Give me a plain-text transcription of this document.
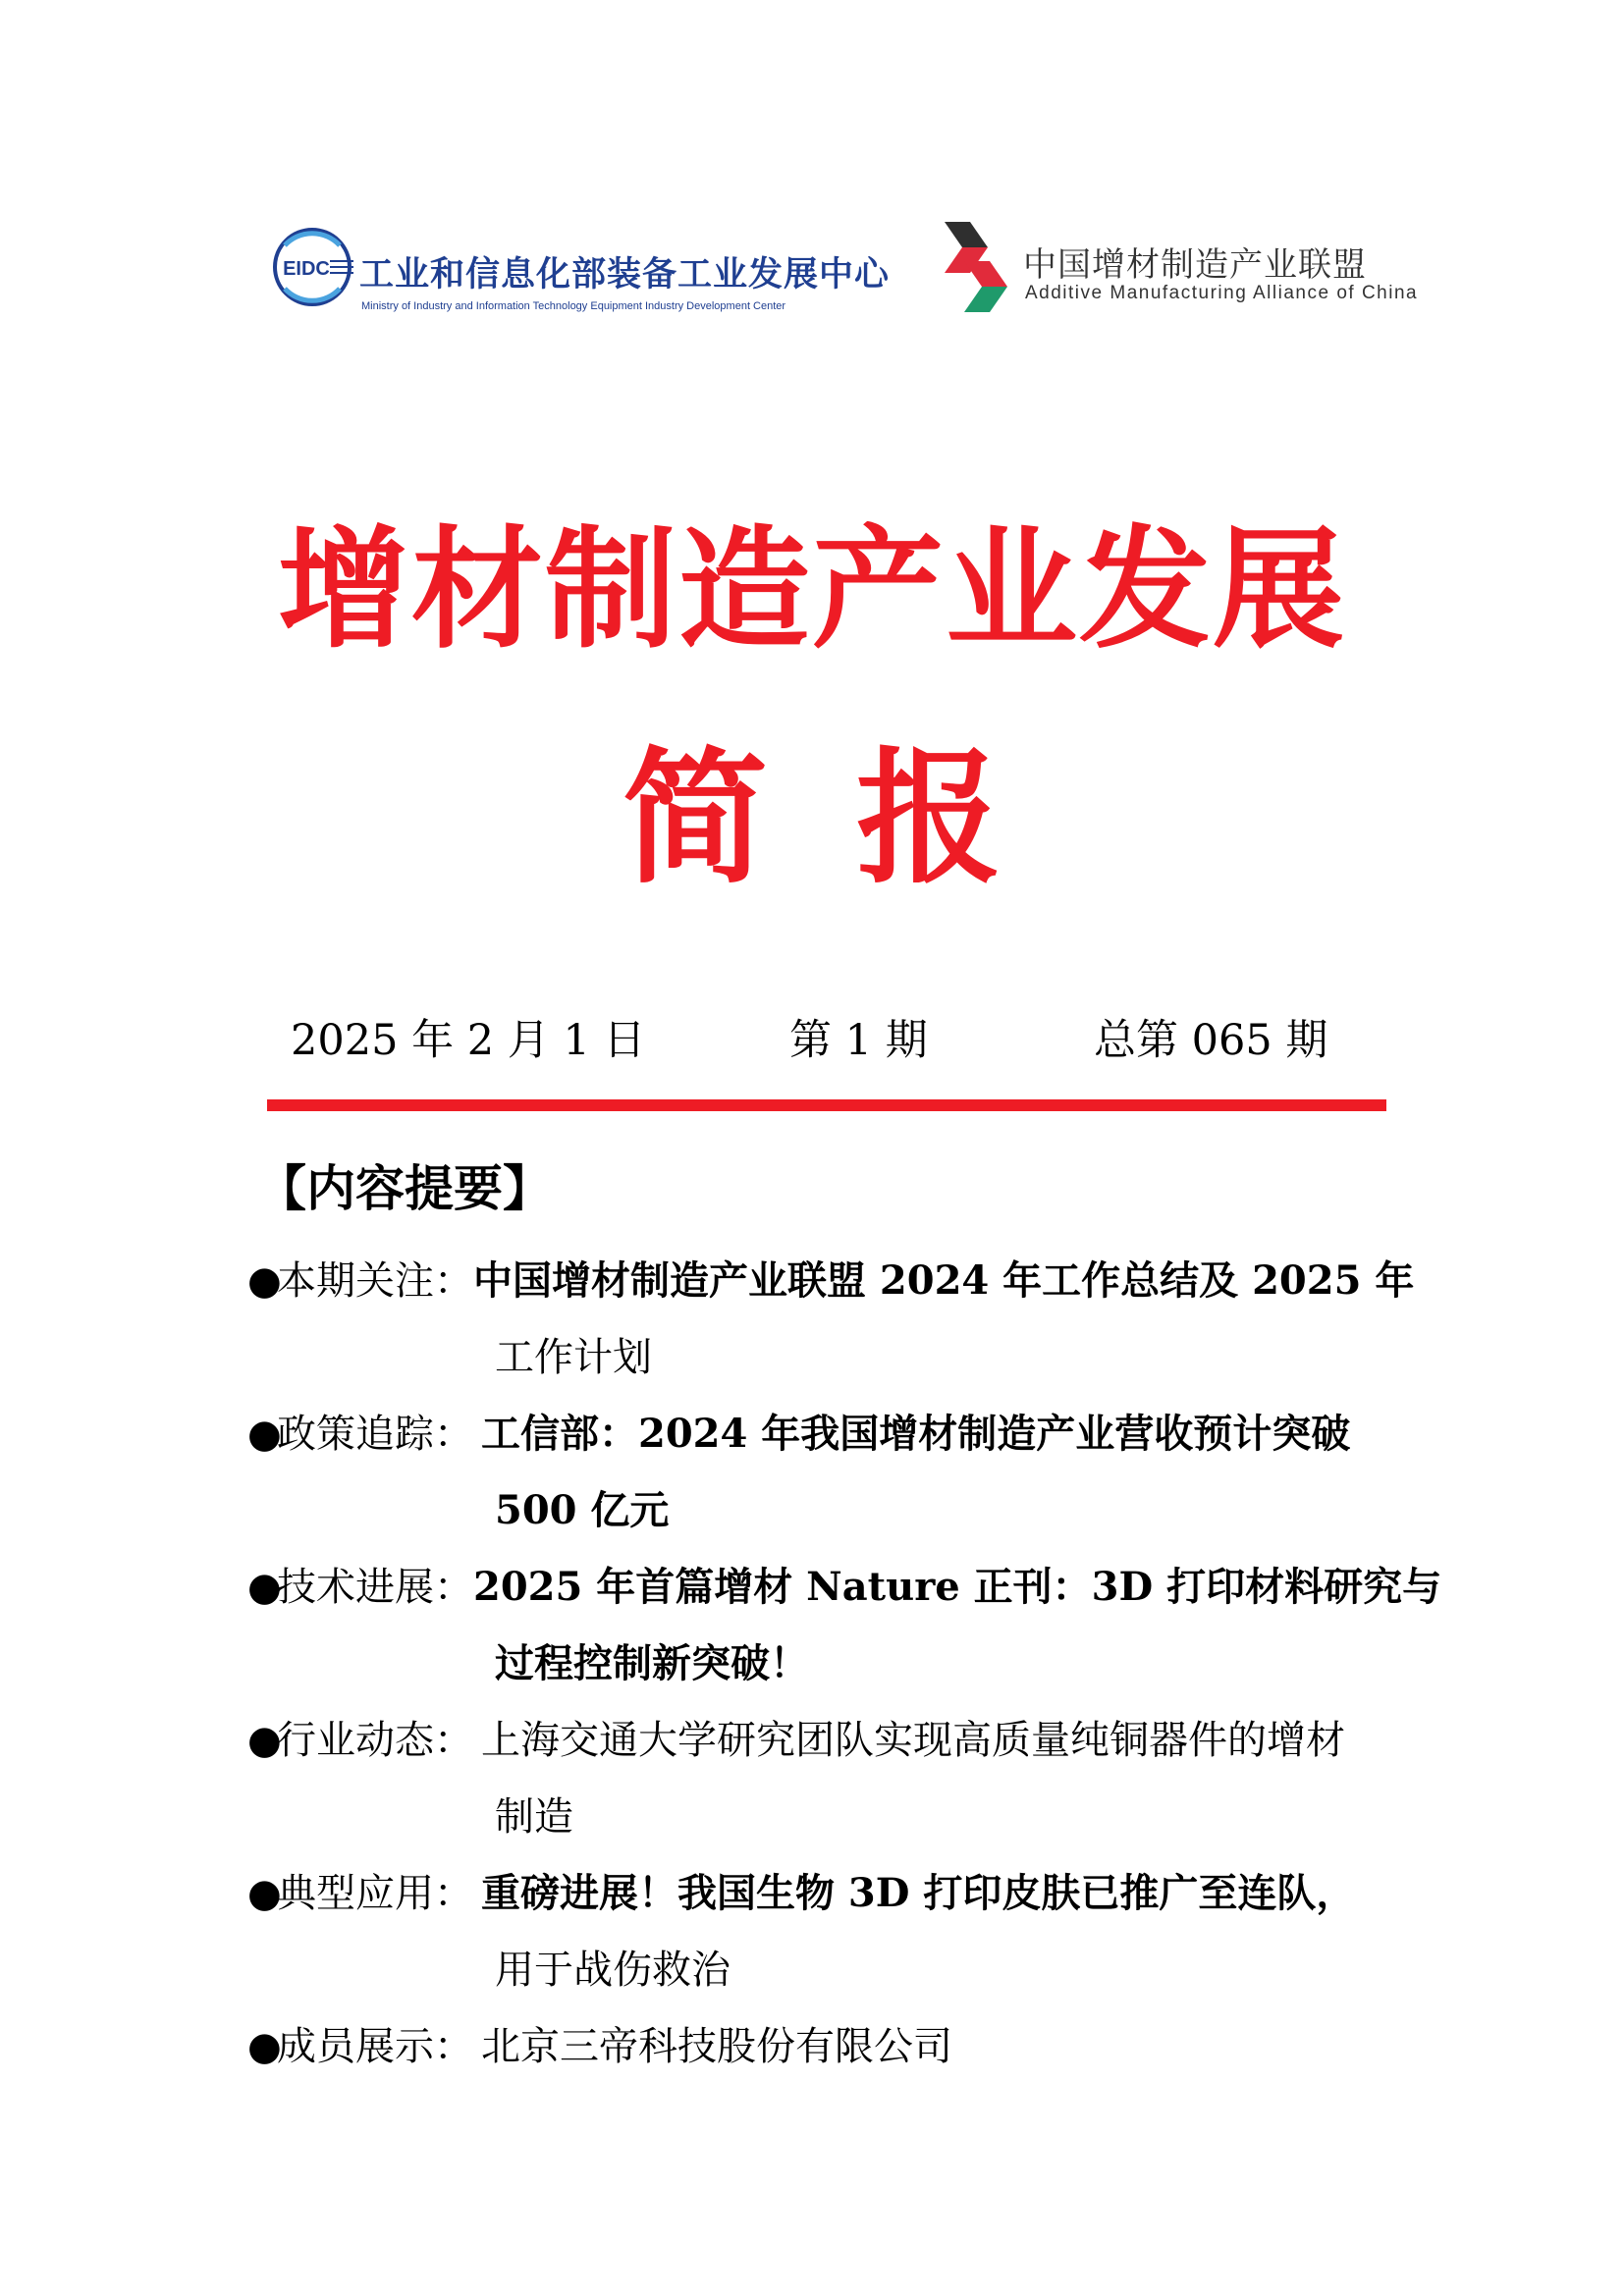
EIDC 工业和信息化部装备工业发展中心
Ministry of Industry and Information Technology Equipment Industry Development Center
中国增材制造产业联盟
Additive Manufacturing Alliance of China
增材制造产业发展
简报
2025 年 2 月 1 日	第 1 期	总第 065 期
【内容提要】
●
本期关注： 中国增材制造产业联盟 2024 年工作总结及 2025 年
工作计划
●
政策追踪： 工信部：2024 年我国增材制造产业营收预计突破
500 亿元
●
技术进展： 2025 年首篇增材 Nature 正刊：3D 打印材料研究与
过程控制新突破！
●
行业动态： 上海交通大学研究团队实现高质量纯铜器件的增材
制造
●
典型应用： 重磅进展！我国生物 3D 打印皮肤已推广至连队，
用于战伤救治
●
成员展示： 北京三帝科技股份有限公司
